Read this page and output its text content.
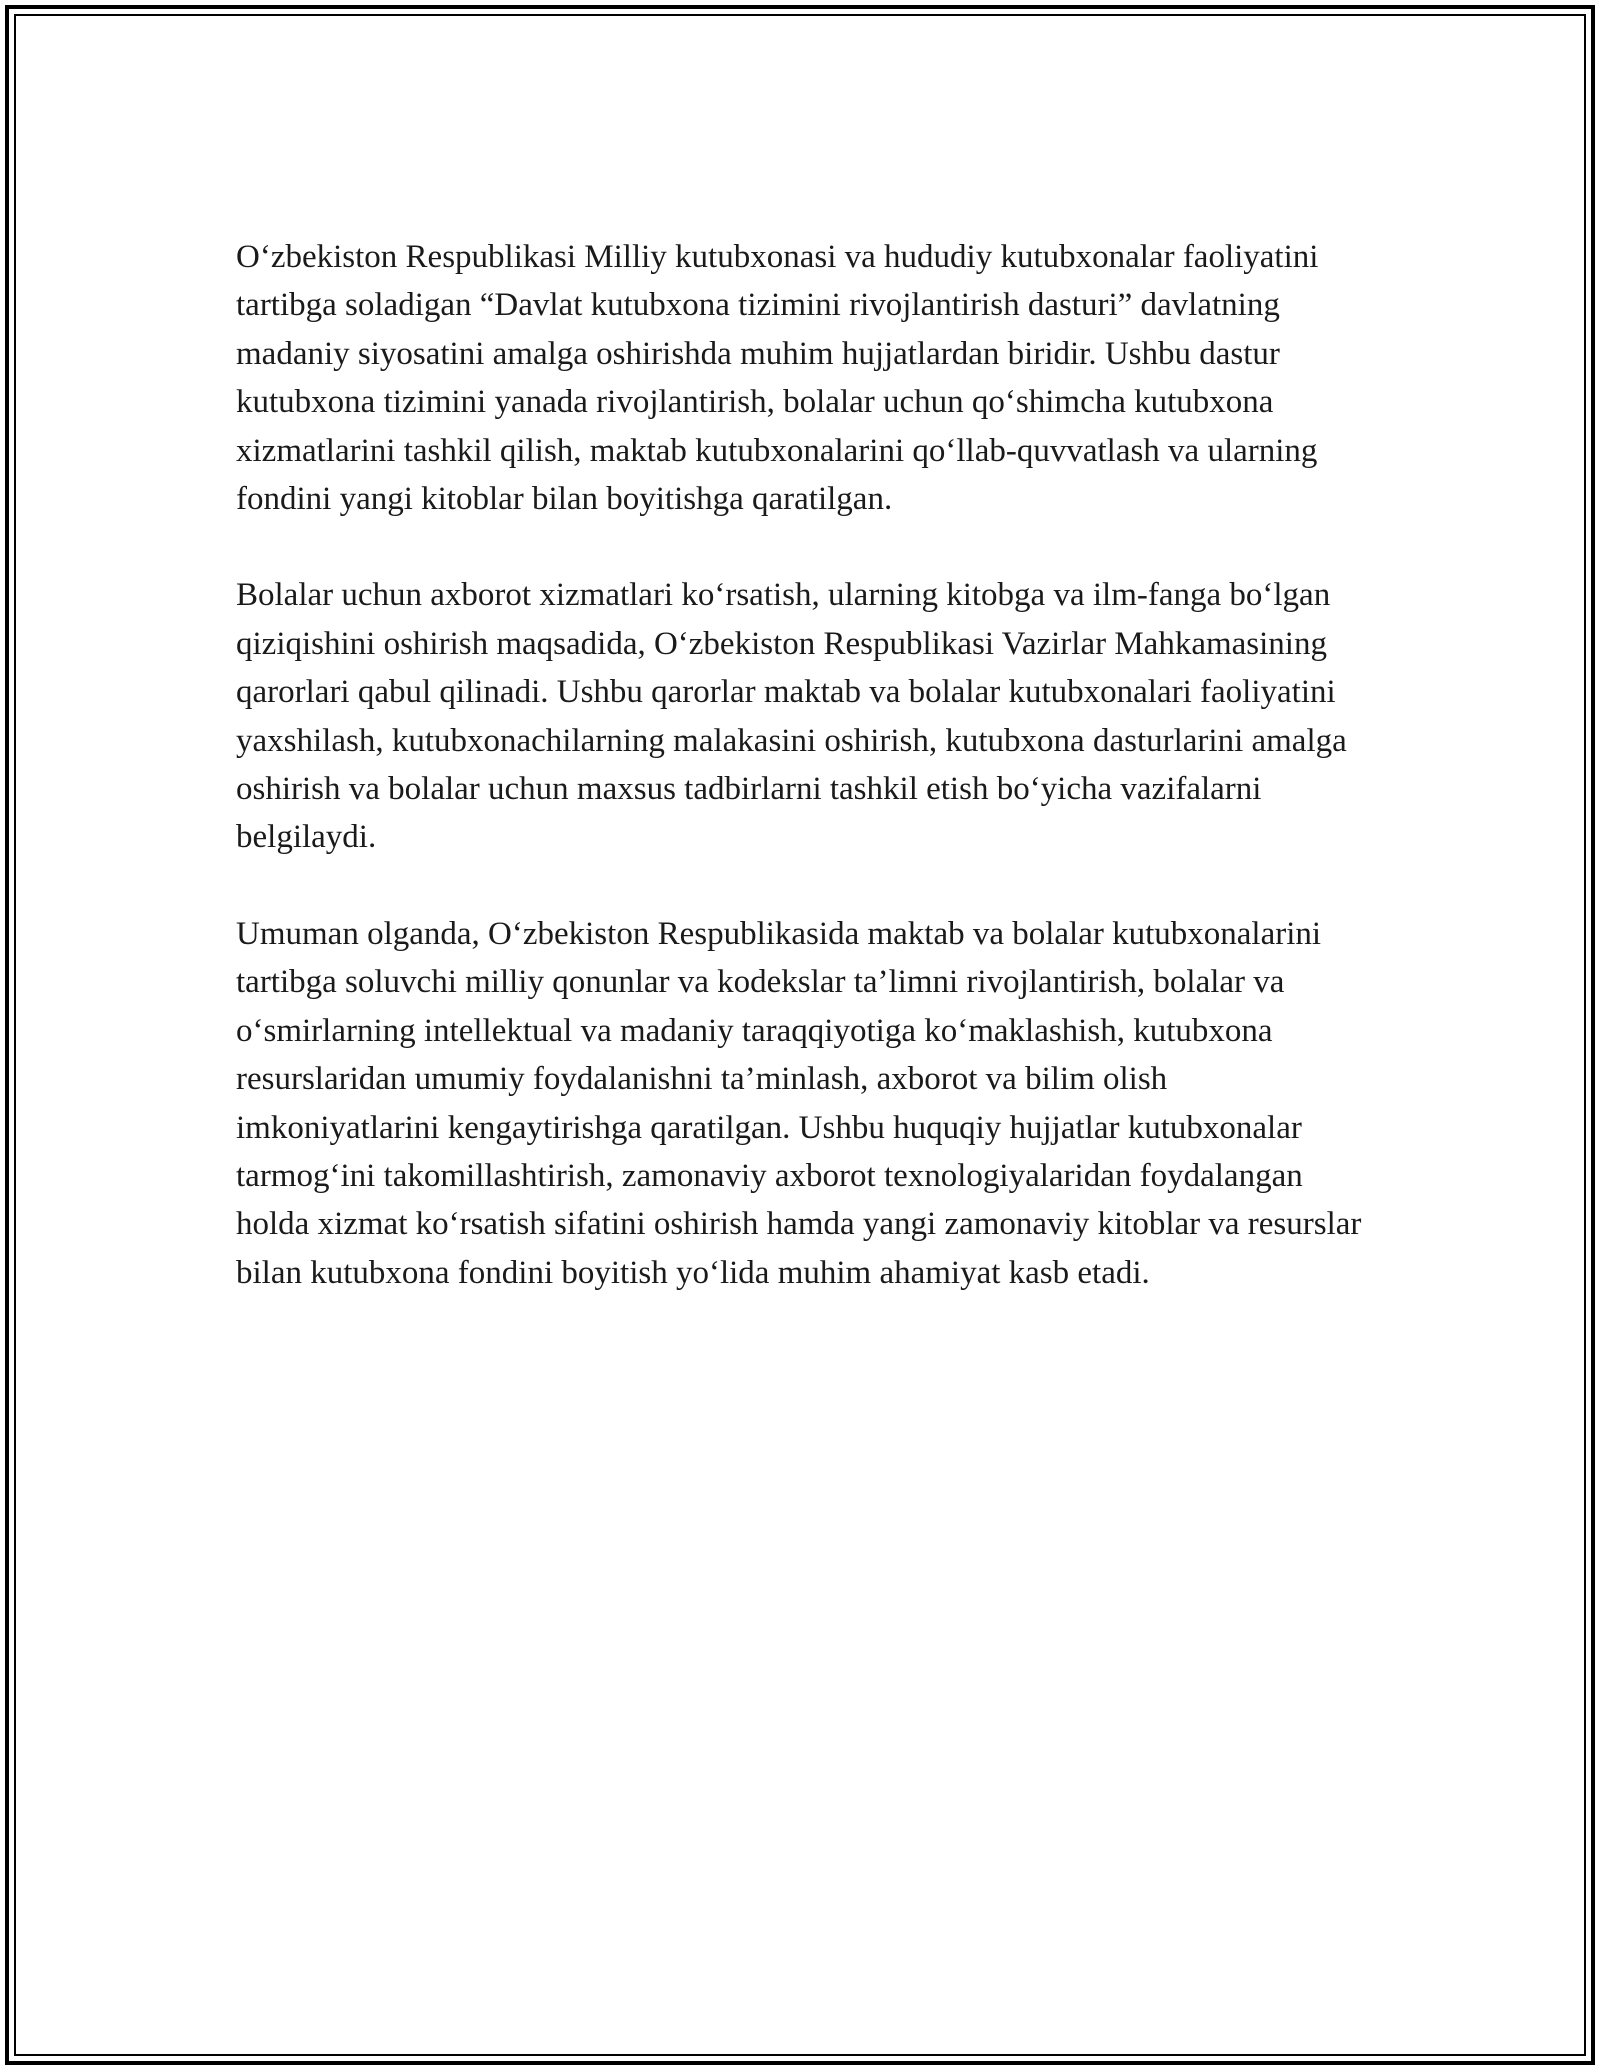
O‘zbekiston Respublikasi Milliy kutubxonasi va hududiy kutubxonalar faoliyatini tartibga soladigan “Davlat kutubxona tizimini rivojlantirish dasturi” davlatning madaniy siyosatini amalga oshirishda muhim hujjatlardan biridir. Ushbu dastur kutubxona tizimini yanada rivojlantirish, bolalar uchun qo‘shimcha kutubxona xizmatlarini tashkil qilish, maktab kutubxonalarini qo‘llab-quvvatlash va ularning fondini yangi kitoblar bilan boyitishga qaratilgan.

Bolalar uchun axborot xizmatlari ko‘rsatish, ularning kitobga va ilm-fanga bo‘lgan qiziqishini oshirish maqsadida, O‘zbekiston Respublikasi Vazirlar Mahkamasining qarorlari qabul qilinadi. Ushbu qarorlar maktab va bolalar kutubxonalari faoliyatini yaxshilash, kutubxonachilarning malakasini oshirish, kutubxona dasturlarini amalga oshirish va bolalar uchun maxsus tadbirlarni tashkil etish bo‘yicha vazifalarni belgilaydi.

Umuman olganda, O‘zbekiston Respublikasida maktab va bolalar kutubxonalarini tartibga soluvchi milliy qonunlar va kodekslar ta’limni rivojlantirish, bolalar va o‘smirlarning intellektual va madaniy taraqqiyotiga ko‘maklashish, kutubxona resurslaridan umumiy foydalanishni ta’minlash, axborot va bilim olish imkoniyatlarini kengaytirishga qaratilgan. Ushbu huquqiy hujjatlar kutubxonalar tarmog‘ini takomillashtirish, zamonaviy axborot texnologiyalaridan foydalangan holda xizmat ko‘rsatish sifatini oshirish hamda yangi zamonaviy kitoblar va resurslar bilan kutubxona fondini boyitish yo‘lida muhim ahamiyat kasb etadi.
